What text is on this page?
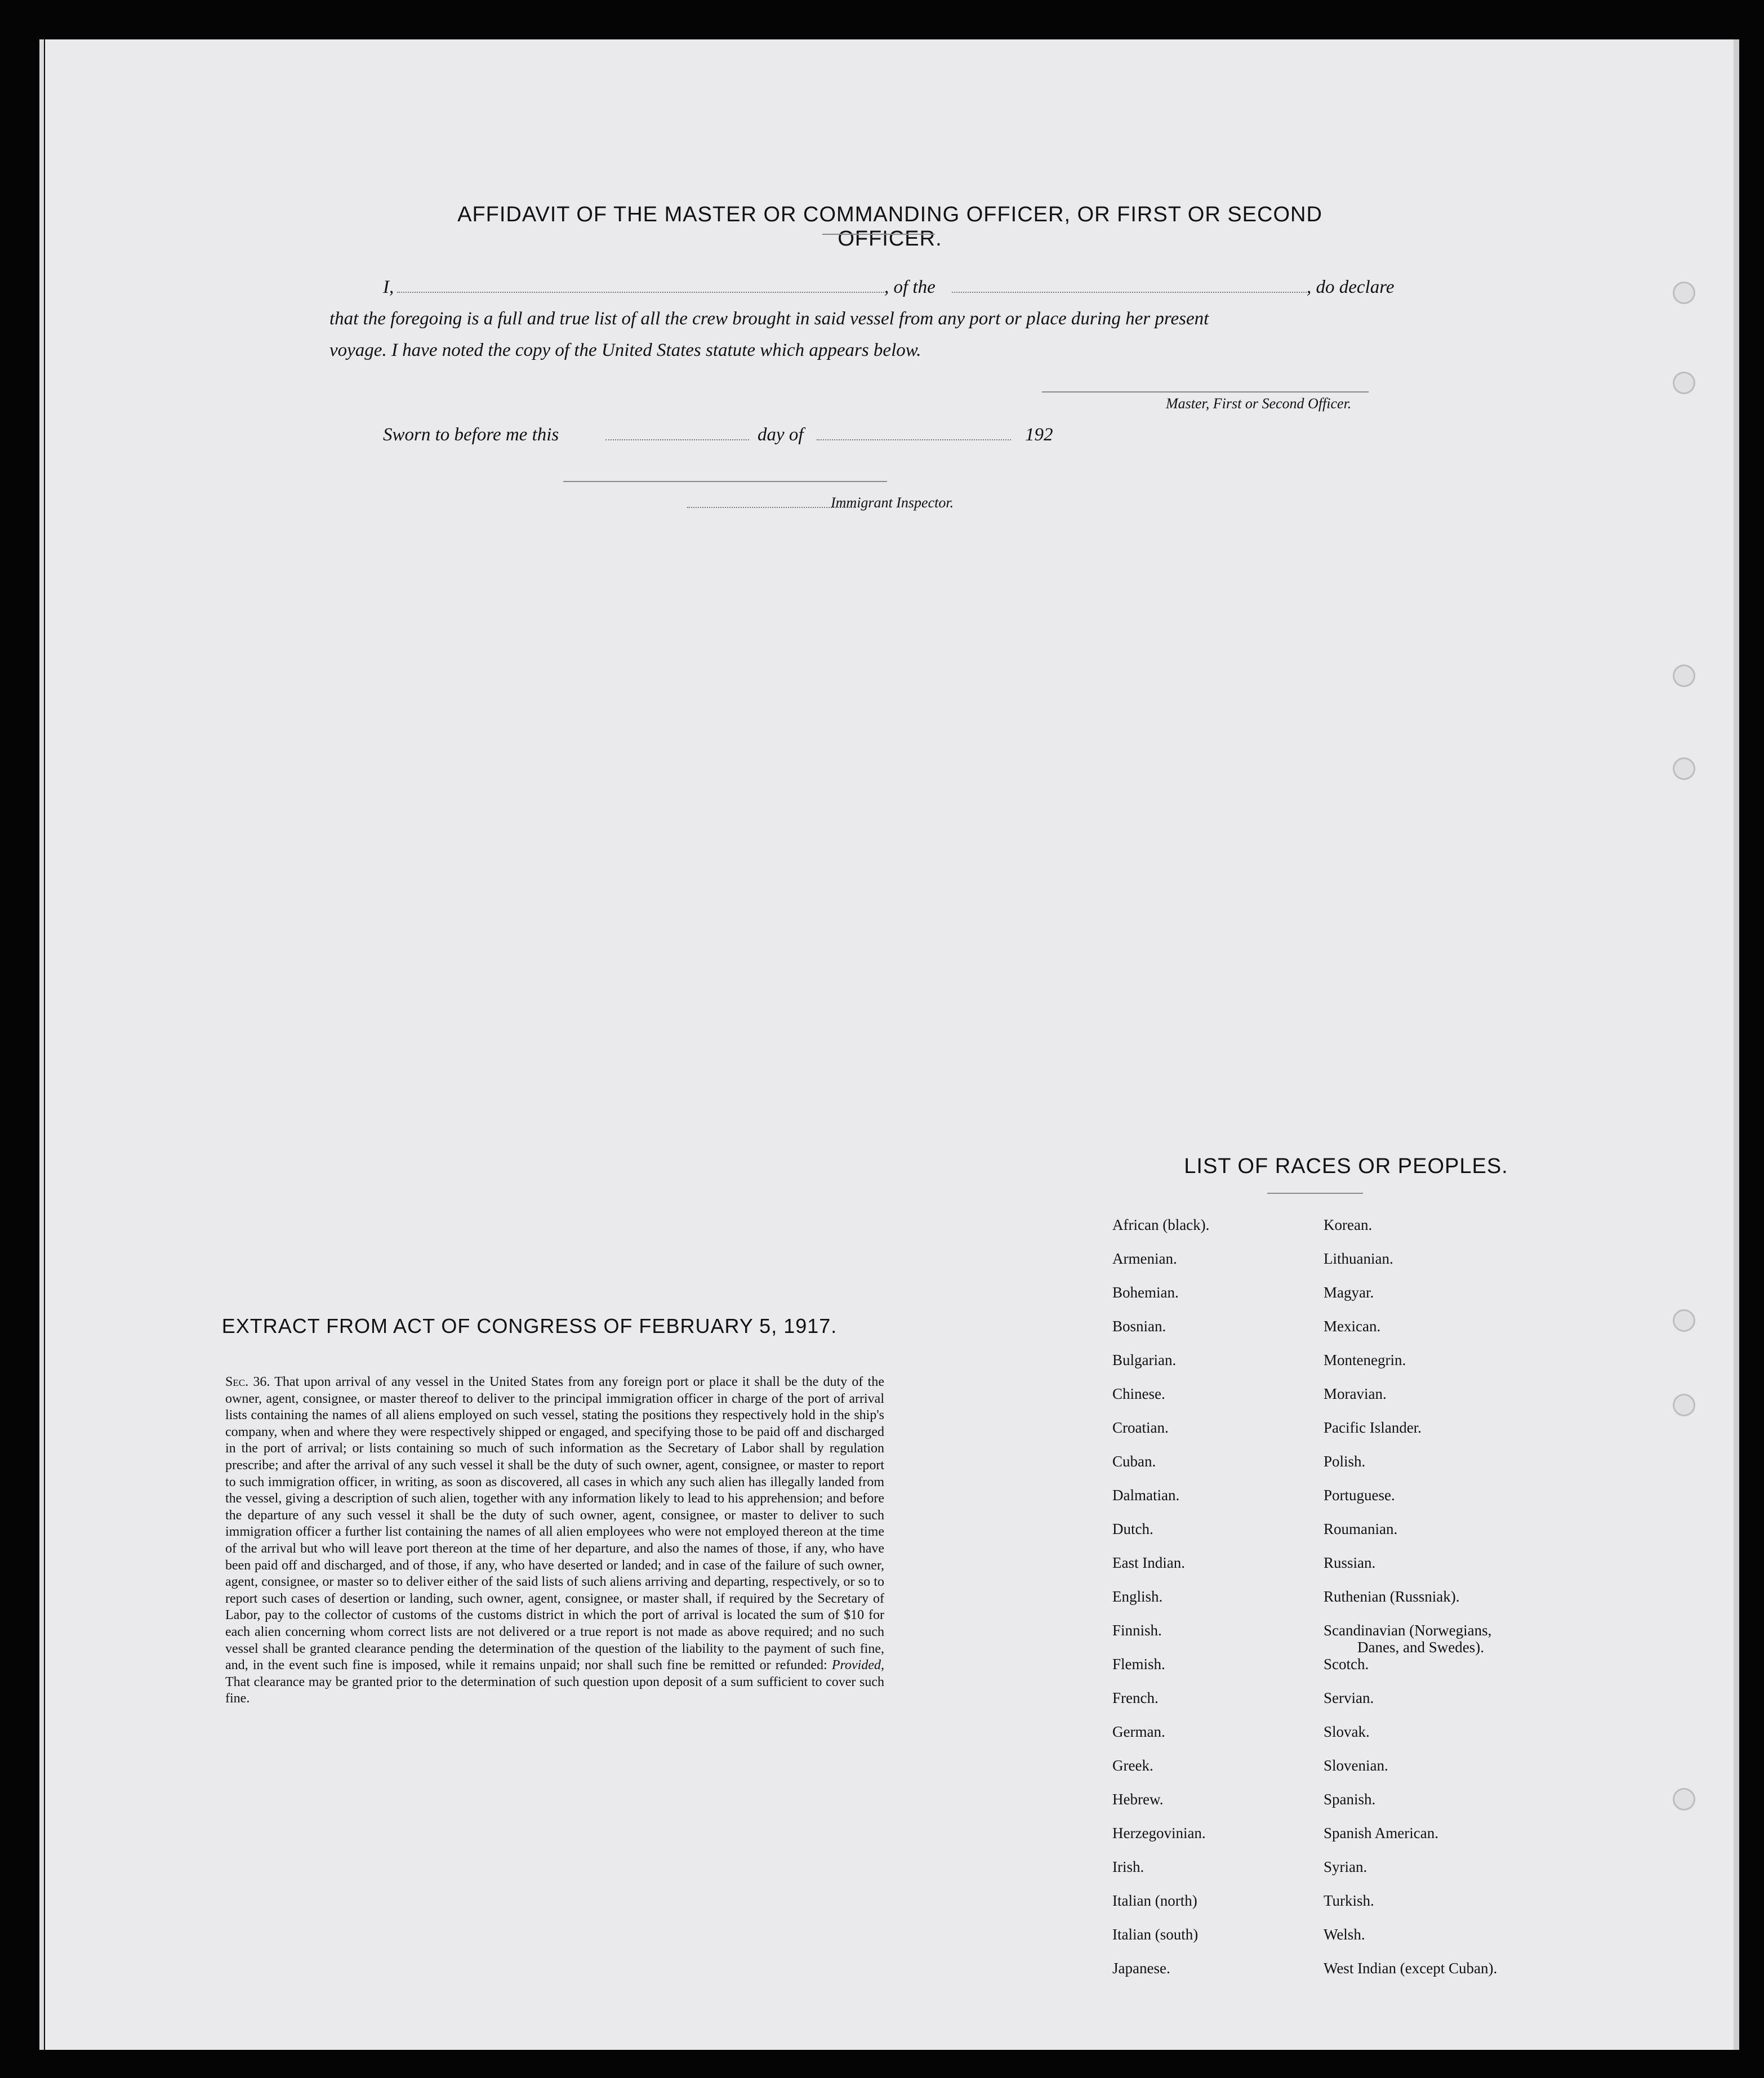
AFFIDAVIT OF THE MASTER OR COMMANDING OFFICER, OR FIRST OR SECOND OFFICER.
I,	, of the	, do declare
that the foregoing is a full and true list of all the crew brought in said vessel from any port or place during her present
voyage. I have noted the copy of the United States statute which appears below.
Master, First or Second Officer.
Sworn to before me this	day of	192
Immigrant Inspector.
LIST OF RACES OR PEOPLES.
African (black).
Armenian.
Bohemian.
Bosnian.
Bulgarian.
Chinese.
Croatian.
Cuban.
Dalmatian.
Dutch.
East Indian.
English.
Finnish.
Flemish.
French.
German.
Greek.
Hebrew.
Herzegovinian.
Irish.
Italian (north)
Italian (south)
Japanese.
Korean.
Lithuanian.
Magyar.
Mexican.
Montenegrin.
Moravian.
Pacific Islander.
Polish.
Portuguese.
Roumanian.
Russian.
Ruthenian (Russniak).
Scandinavian (Norwegians,
Danes, and Swedes).
Scotch.
Servian.
Slovak.
Slovenian.
Spanish.
Spanish American.
Syrian.
Turkish.
Welsh.
West Indian (except Cuban).
EXTRACT FROM ACT OF CONGRESS OF FEBRUARY 5, 1917.
Sec. 36. That upon arrival of any vessel in the United States from any foreign port or place it shall be the duty of the owner, agent, consignee, or master thereof to deliver to the principal immigration officer in charge of the port of arrival lists containing the names of all aliens employed on such vessel, stating the positions they respectively hold in the ship's company, when and where they were respectively shipped or engaged, and specifying those to be paid off and discharged in the port of arrival; or lists containing so much of such information as the Secretary of Labor shall by regulation prescribe; and after the arrival of any such vessel it shall be the duty of such owner, agent, consignee, or master to report to such immigration officer, in writing, as soon as discovered, all cases in which any such alien has illegally landed from the vessel, giving a description of such alien, together with any information likely to lead to his apprehension; and before the departure of any such vessel it shall be the duty of such owner, agent, consignee, or master to deliver to such immigration officer a further list containing the names of all alien employees who were not employed thereon at the time of the arrival but who will leave port thereon at the time of her departure, and also the names of those, if any, who have been paid off and discharged, and of those, if any, who have deserted or landed; and in case of the failure of such owner, agent, consignee, or master so to deliver either of the said lists of such aliens arriving and departing, respectively, or so to report such cases of desertion or landing, such owner, agent, consignee, or master shall, if required by the Secretary of Labor, pay to the collector of customs of the customs district in which the port of arrival is located the sum of $10 for each alien concerning whom correct lists are not delivered or a true report is not made as above required; and no such vessel shall be granted clearance pending the determination of the question of the liability to the payment of such fine, and, in the event such fine is imposed, while it remains unpaid; nor shall such fine be remitted or refunded: Provided, That clearance may be granted prior to the determination of such question upon deposit of a sum sufficient to cover such fine.
